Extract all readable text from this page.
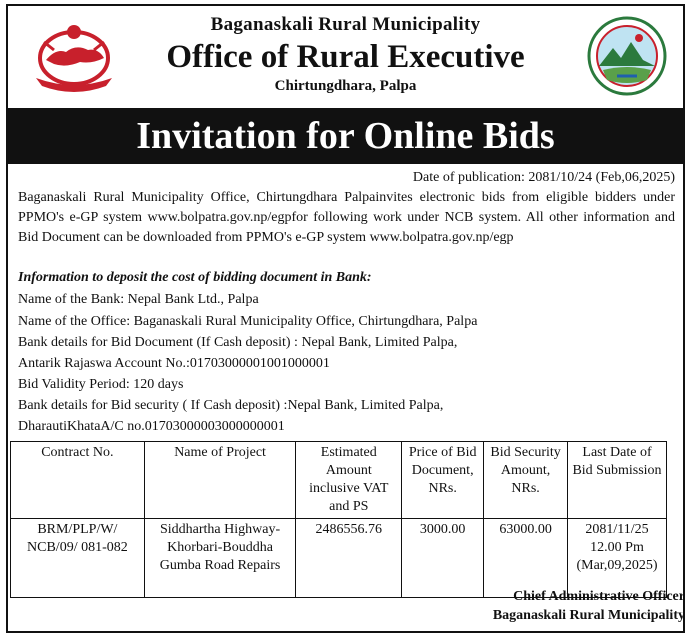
Baganaskali Rural Municipality
Office of Rural Executive
Chirtungdhara, Palpa
Invitation for Online Bids
Date of publication: 2081/10/24 (Feb,06,2025)
Baganaskali Rural Municipality Office, Chirtungdhara Palpainvites electronic bids from eligible bidders under PPMO's e-GP system www.bolpatra.gov.np/egpfor following work under NCB system. All other information and Bid Document can be downloaded from PPMO's e-GP system www.bolpatra.gov.np/egp
Information to deposit the cost of bidding document in Bank:
Name of the Bank: Nepal Bank Ltd., Palpa
Name of the Office: Baganaskali Rural Municipality Office, Chirtungdhara, Palpa
Bank details for Bid Document (If Cash deposit) : Nepal Bank, Limited Palpa,
Antarik Rajaswa Account No.:01703000001001000001
Bid Validity Period: 120 days
Bank details for Bid security ( If Cash deposit) :Nepal Bank, Limited Palpa,
DharautiKhataA/C no.01703000003000000001
Contract No.	Name of Project	Estimated Amount inclusive VAT and PS	Price of Bid Document, NRs.	Bid Security Amount, NRs.	Last Date of Bid Submission
BRM/PLP/W/ NCB/09/ 081-082	Siddhartha Highway- Khorbari-Bouddha Gumba Road Repairs	2486556.76	3000.00	63000.00	2081/11/25 12.00 Pm (Mar,09,2025)
Chief Administrative Officer
Baganaskali Rural Municipality
